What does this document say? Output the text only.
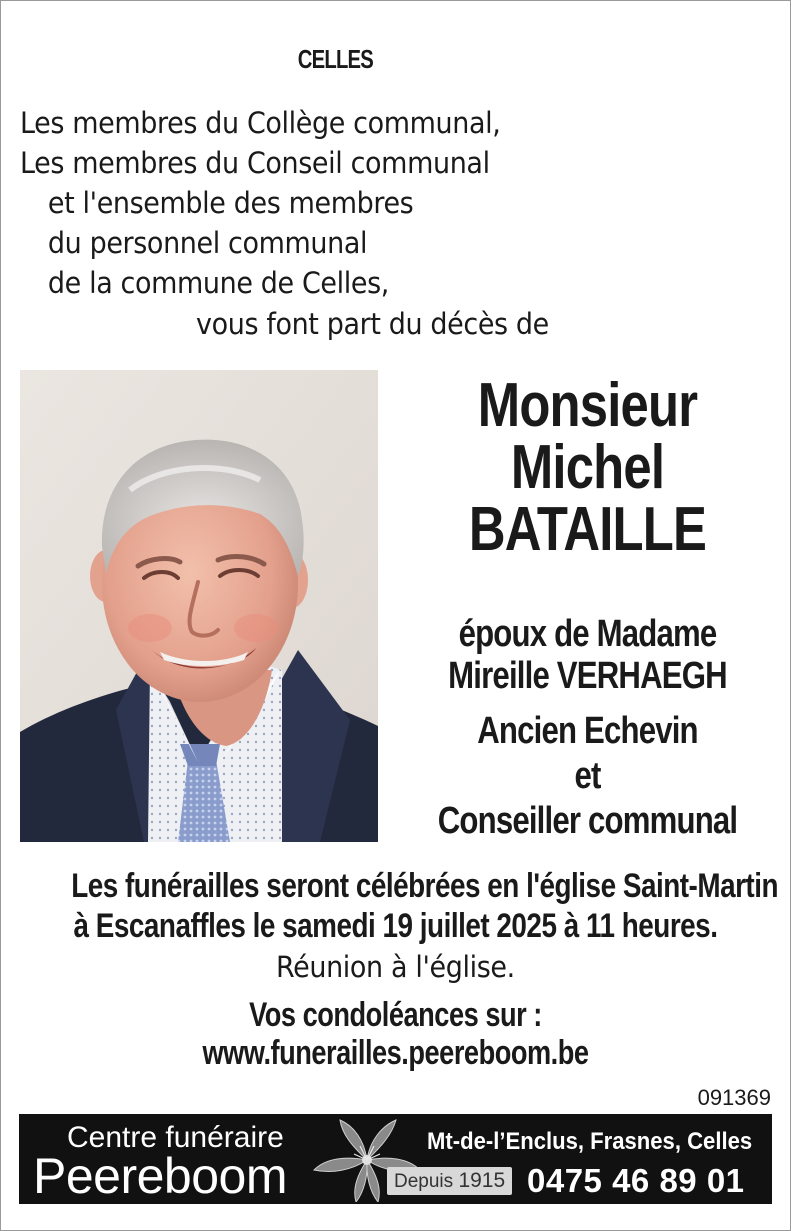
CELLES
Les membres du Collège communal,
Les membres du Conseil communal
et l'ensemble des membres
du personnel communal
de la commune de Celles,
vous font part du décès de
Monsieur
Michel
BATAILLE
époux de Madame
Mireille VERHAEGH
Ancien Echevin
et
Conseiller communal
Les funérailles seront célébrées en l'église Saint-Martin
à Escanaffles le samedi 19 juillet 2025 à 11 heures.
Réunion à l'église.
Vos condoléances sur :
www.funerailles.peereboom.be
091369
Centre funéraire
Peereboom
Mt-de-l’Enclus, Frasnes, Celles
Depuis 1915 0475 46 89 01
